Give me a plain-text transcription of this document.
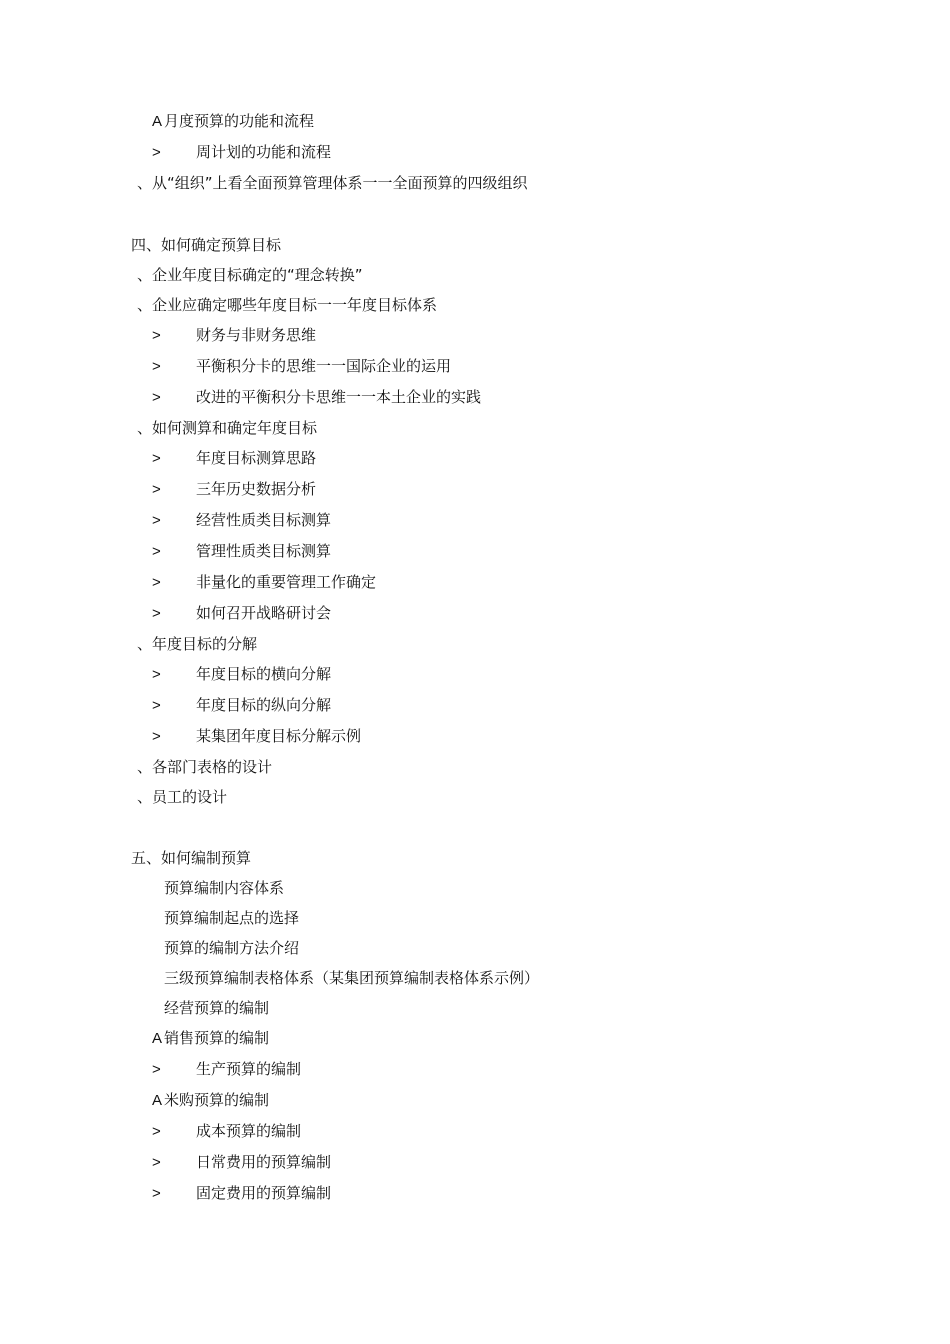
A 月度预算的功能和流程
> 周计划的功能和流程
、从“组织”上看全面预算管理体系一一全面预算的四级组织
四、如何确定预算目标
、企业年度目标确定的“理念转换”
、企业应确定哪些年度目标一一年度目标体系
> 财务与非财务思维
> 平衡积分卡的思维一一国际企业的运用
> 改进的平衡积分卡思维一一本土企业的实践
、如何测算和确定年度目标
> 年度目标测算思路
> 三年历史数据分析
> 经营性质类目标测算
> 管理性质类目标测算
> 非量化的重要管理工作确定
> 如何召开战略研讨会
、年度目标的分解
> 年度目标的横向分解
> 年度目标的纵向分解
> 某集团年度目标分解示例
、各部门表格的设计
、员工的设计
五、如何编制预算
预算编制内容体系
预算编制起点的选择
预算的编制方法介绍
三级预算编制表格体系（某集团预算编制表格体系示例）
经营预算的编制
A 销售预算的编制
> 生产预算的编制
A 米购预算的编制
> 成本预算的编制
> 日常费用的预算编制
> 固定费用的预算编制
